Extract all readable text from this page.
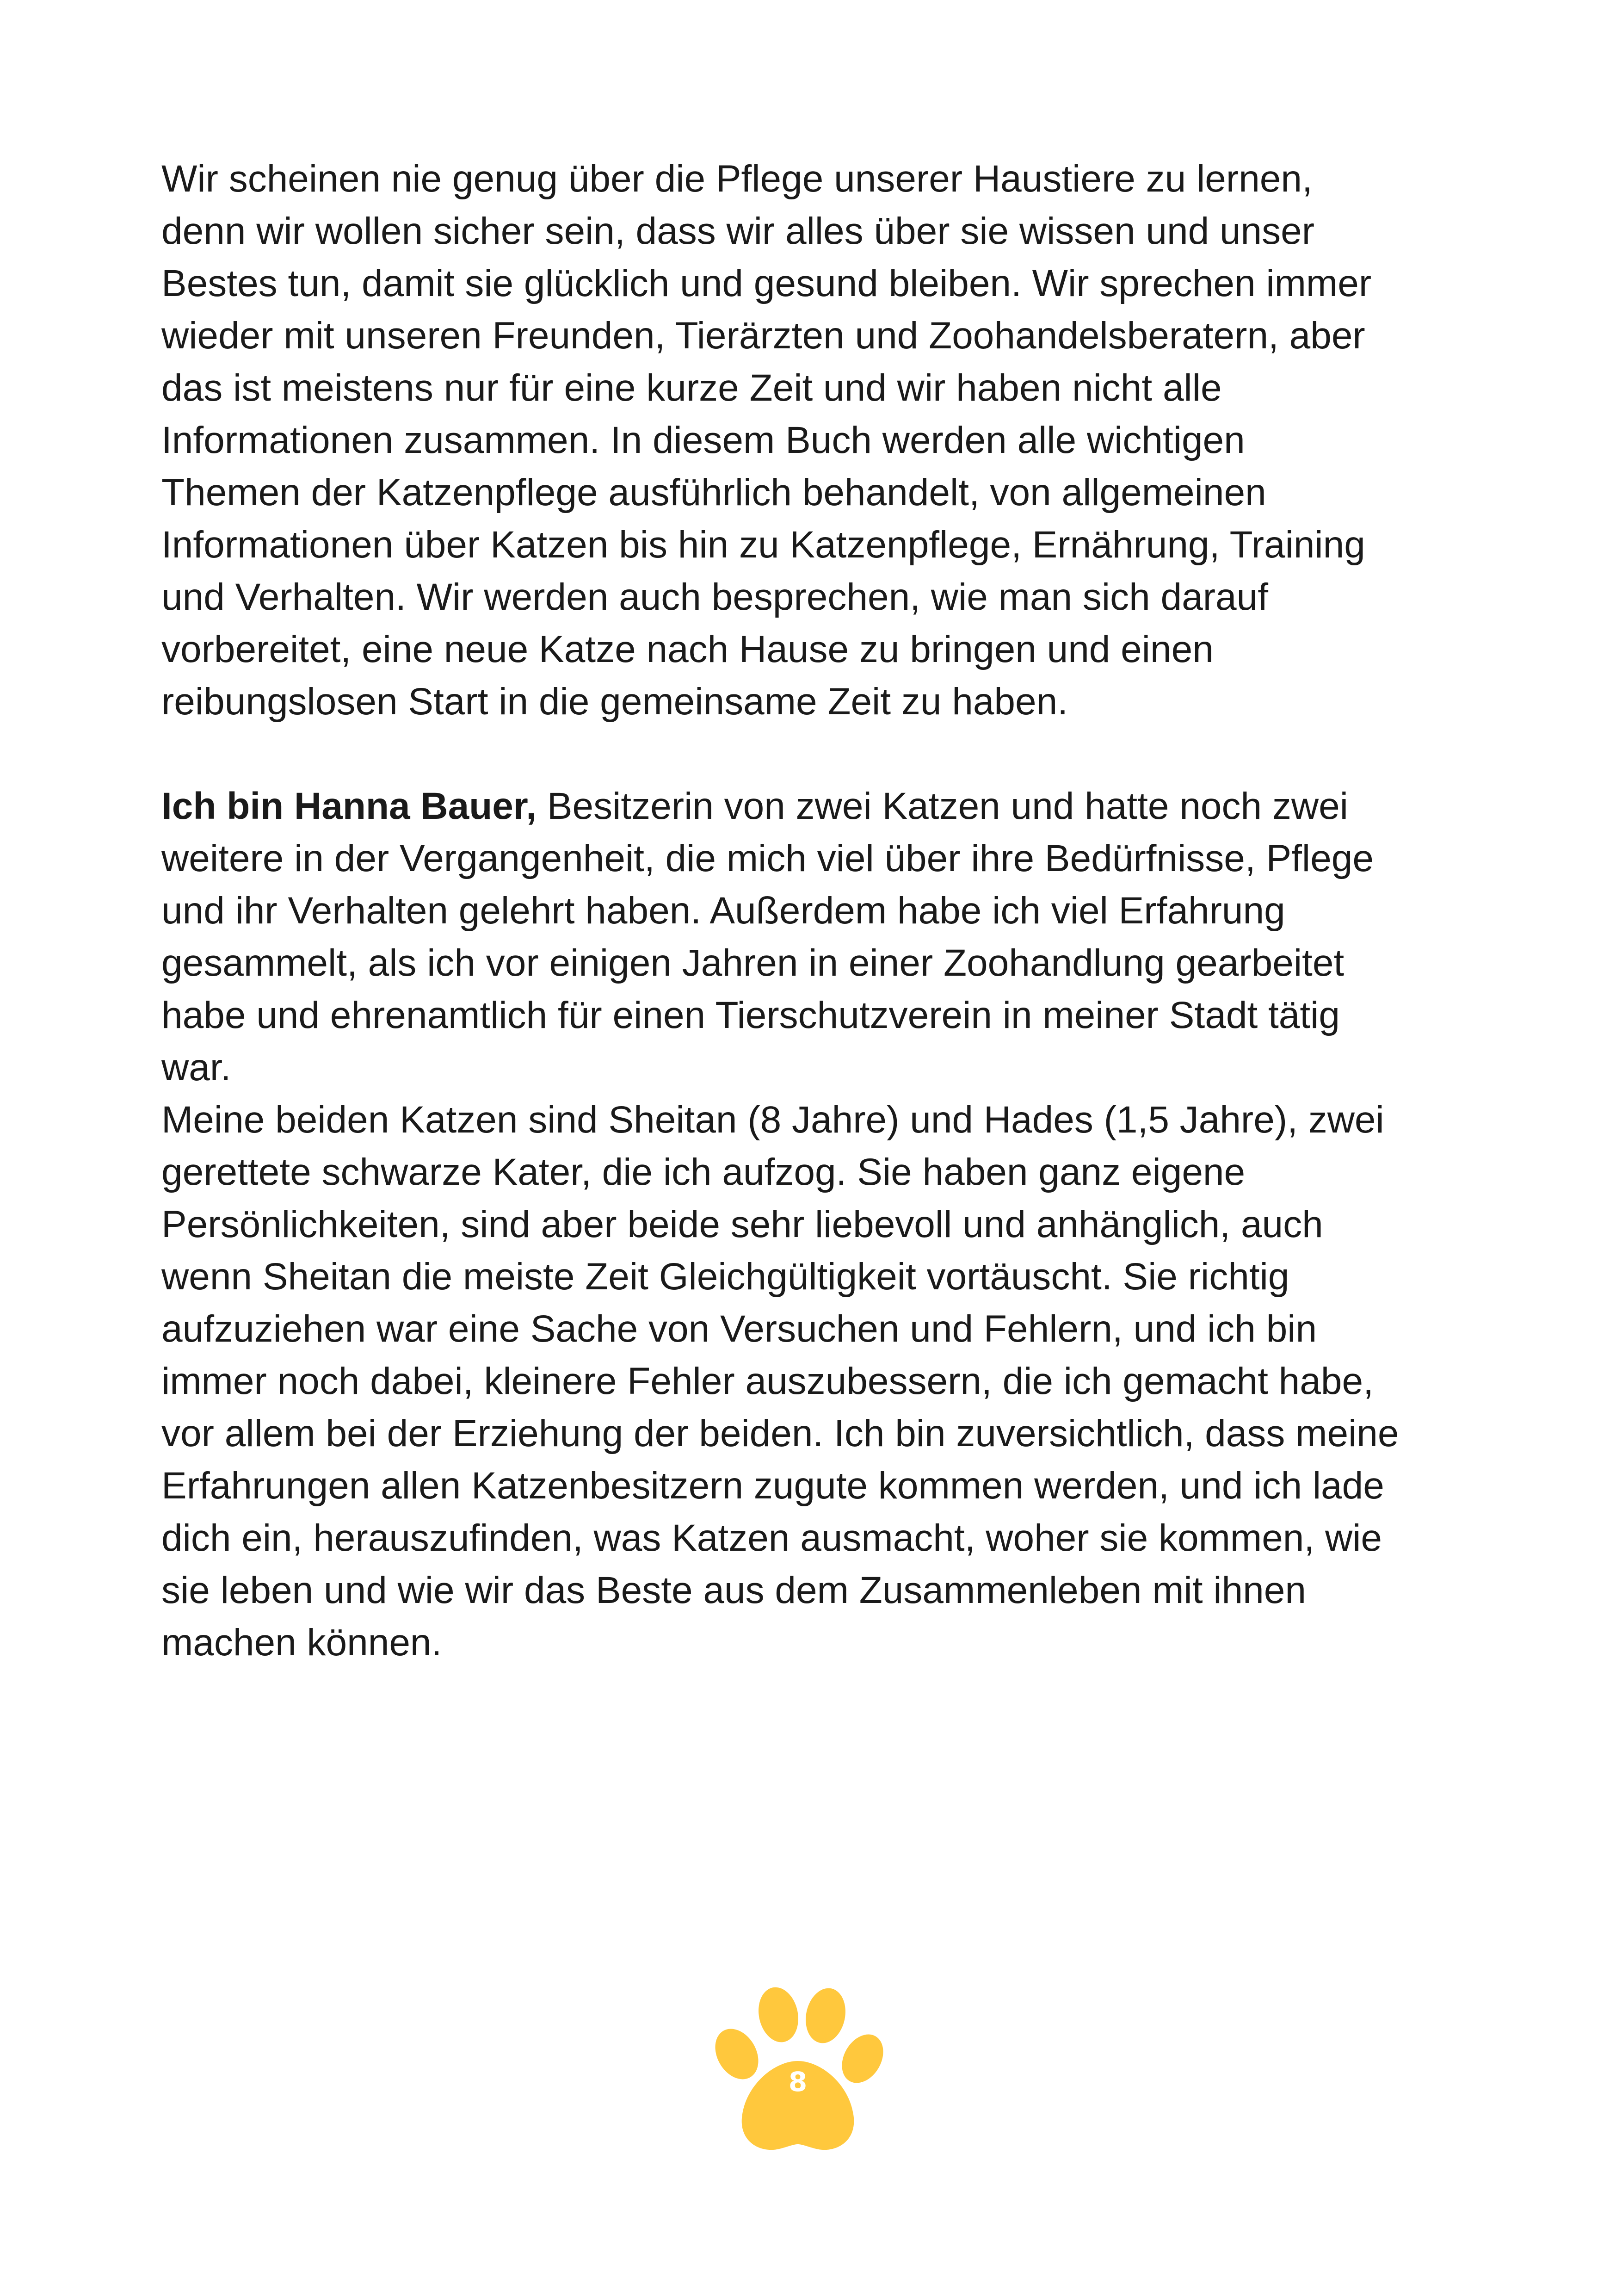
Wir scheinen nie genug über die Pflege unserer Haustiere zu lernen,
denn wir wollen sicher sein, dass wir alles über sie wissen und unser
Bestes tun, damit sie glücklich und gesund bleiben. Wir sprechen immer
wieder mit unseren Freunden, Tierärzten und Zoohandelsberatern, aber
das ist meistens nur für eine kurze Zeit und wir haben nicht alle
Informationen zusammen. In diesem Buch werden alle wichtigen
Themen der Katzenpflege ausführlich behandelt, von allgemeinen
Informationen über Katzen bis hin zu Katzenpflege, Ernährung, Training
und Verhalten. Wir werden auch besprechen, wie man sich darauf
vorbereitet, eine neue Katze nach Hause zu bringen und einen
reibungslosen Start in die gemeinsame Zeit zu haben.

Ich bin Hanna Bauer, Besitzerin von zwei Katzen und hatte noch zwei
weitere in der Vergangenheit, die mich viel über ihre Bedürfnisse, Pflege
und ihr Verhalten gelehrt haben. Außerdem habe ich viel Erfahrung
gesammelt, als ich vor einigen Jahren in einer Zoohandlung gearbeitet
habe und ehrenamtlich für einen Tierschutzverein in meiner Stadt tätig
war.

Meine beiden Katzen sind Sheitan (8 Jahre) und Hades (1,5 Jahre), zwei
gerettete schwarze Kater, die ich aufzog. Sie haben ganz eigene
Persönlichkeiten, sind aber beide sehr liebevoll und anhänglich, auch
wenn Sheitan die meiste Zeit Gleichgültigkeit vortäuscht. Sie richtig
aufzuziehen war eine Sache von Versuchen und Fehlern, und ich bin
immer noch dabei, kleinere Fehler auszubessern, die ich gemacht habe,
vor allem bei der Erziehung der beiden. Ich bin zuversichtlich, dass meine
Erfahrungen allen Katzenbesitzern zugute kommen werden, und ich lade
dich ein, herauszufinden, was Katzen ausmacht, woher sie kommen, wie
sie leben und wie wir das Beste aus dem Zusammenleben mit ihnen
machen können.

8
